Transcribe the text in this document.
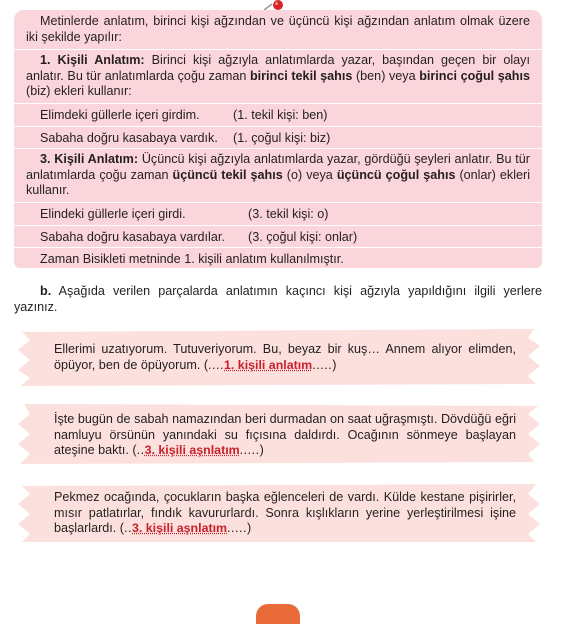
Metinlerde anlatım, birinci kişi ağzından ve üçüncü kişi ağzından anlatım olmak üzere iki şekilde yapılır:
1. Kişili Anlatım: Birinci kişi ağzıyla anlatımlarda yazar, başından geçen bir olayı anlatır. Bu tür anlatımlarda çoğu zaman birinci tekil şahıs (ben) veya birinci çoğul şahıs (biz) ekleri kullanır:
Elimdeki güllerle içeri girdim.	(1. tekil kişi: ben)
Sabaha doğru kasabaya vardık. (1. çoğul kişi: biz)
3. Kişili Anlatım: Üçüncü kişi ağzıyla anlatımlarda yazar, gördüğü şeyleri anlatır. Bu tür anlatımlarda çoğu zaman üçüncü tekil şahıs (o) veya üçüncü çoğul şahıs (onlar) ekleri kullanır.
Elindeki güllerle içeri girdi.	(3. tekil kişi: o)
Sabaha doğru kasabaya vardılar. (3. çoğul kişi: onlar)
Zaman Bisikleti metninde 1. kişili anlatım kullanılmıştır.
b. Aşağıda verilen parçalarda anlatımın kaçıncı kişi ağzıyla yapıldığını ilgili yerlere yazınız.
Ellerimi uzatıyorum. Tutuveriyorum. Bu, beyaz bir kuş… Annem alıyor elimden, öpüyor, ben de öpüyorum. (....1. kişili anlatım.....)
İşte bugün de sabah namazından beri durmadan on saat uğraşmıştı. Dövdüğü eğri namluyu örsünün yanındaki su fıçısına daldırdı. Ocağının sönmeye başlayan ateşine baktı. (..3. kişili aşnlatım.....)
Pekmez ocağında, çocukların başka eğlenceleri de vardı. Külde kestane pişirirler, mısır patlatırlar, fındık kavururlardı. Sonra kışlıkların yerine yerleştirilmesi işine başlarlardı. (..3. kişili aşnlatım.....)
